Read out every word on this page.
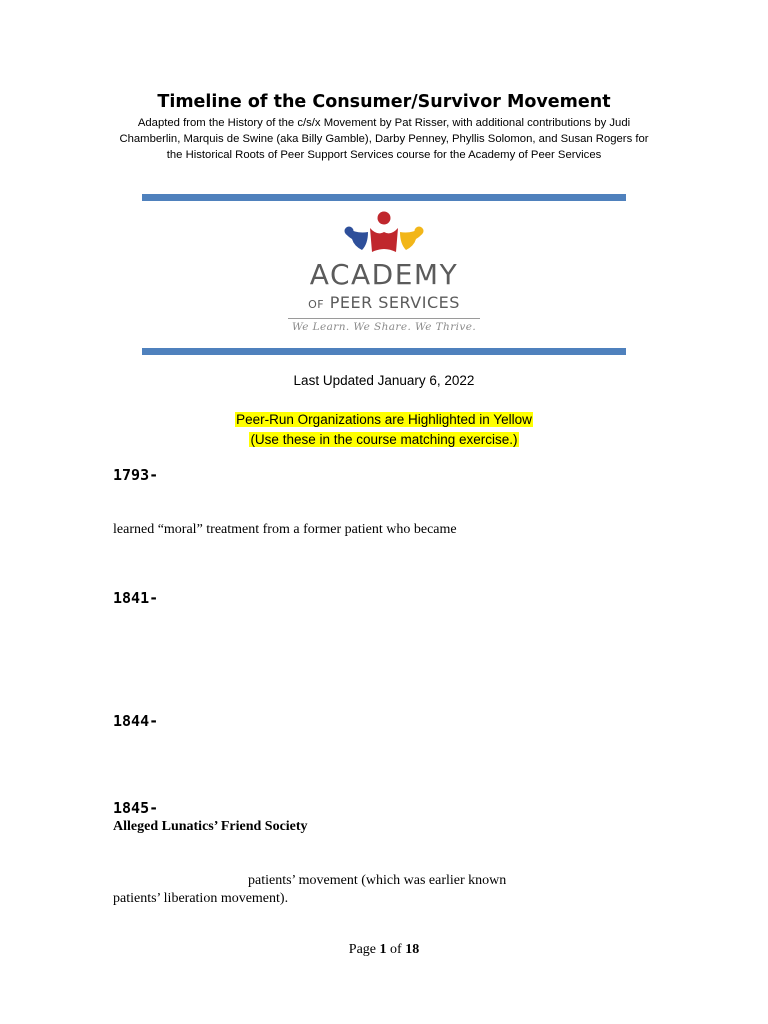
Timeline of the Consumer/Survivor Movement
Adapted from the History of the c/s/x Movement by Pat Risser, with additional contributions by Judi
Chamberlin, Marquis de Swine (aka Billy Gamble), Darby Penney, Phyllis Solomon, and Susan Rogers for
the Historical Roots of Peer Support Services course for the Academy of Peer Services
ACADEMY
OF PEER SERVICES
We Learn. We Share. We Thrive.
Last Updated January 6, 2022
Peer-Run Organizations are Highlighted in Yellow
(Use these in the course matching exercise.)
1793-
learned “moral” treatment from a former patient who became
1841-
1844-
1845-
Alleged Lunatics’ Friend Society
patients’ movement (which was earlier known
patients’ liberation movement).
Page 1 of 18
